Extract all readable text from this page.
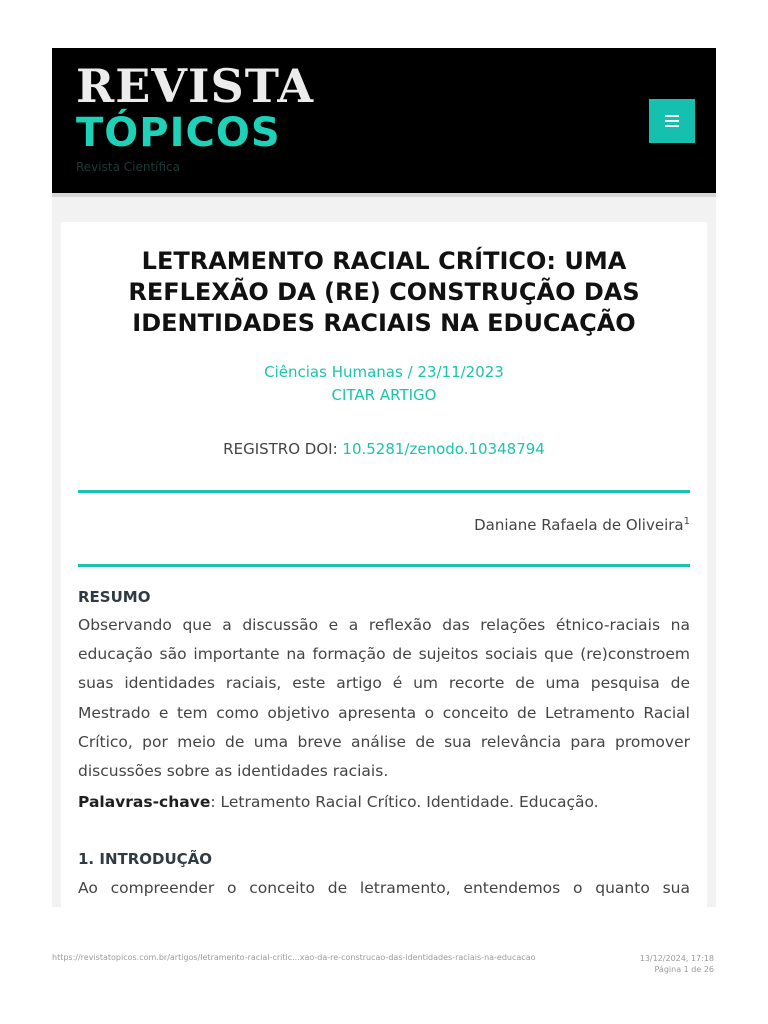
REVISTA
TÓPICOS
Revista Científica
LETRAMENTO RACIAL CRÍTICO: UMA REFLEXÃO DA (RE) CONSTRUÇÃO DAS IDENTIDADES RACIAIS NA EDUCAÇÃO
Ciências Humanas / 23/11/2023
CITAR ARTIGO
REGISTRO DOI: 10.5281/zenodo.10348794
Daniane Rafaela de Oliveira$^1$
RESUMO

Observando que a discussão e a reflexão das relações étnico-raciais na educação são importante na formação de sujeitos sociais que (re)constroem suas identidades raciais, este artigo é um recorte de uma pesquisa de Mestrado e tem como objetivo apresenta o conceito de Letramento Racial Crítico, por meio de uma breve análise de sua relevância para promover discussões sobre as identidades raciais.

Palavras-chave: Letramento Racial Crítico. Identidade. Educação.
1. INTRODUÇÃO

Ao compreender o conceito de letramento, entendemos o quanto sua

https://revistatopicos.com.br/artigos/letramento-racial-critic...xao-da-re-construcao-das-identidades-raciais-na-educacao	13/12/2024, 17:18
Página 1 de 26
